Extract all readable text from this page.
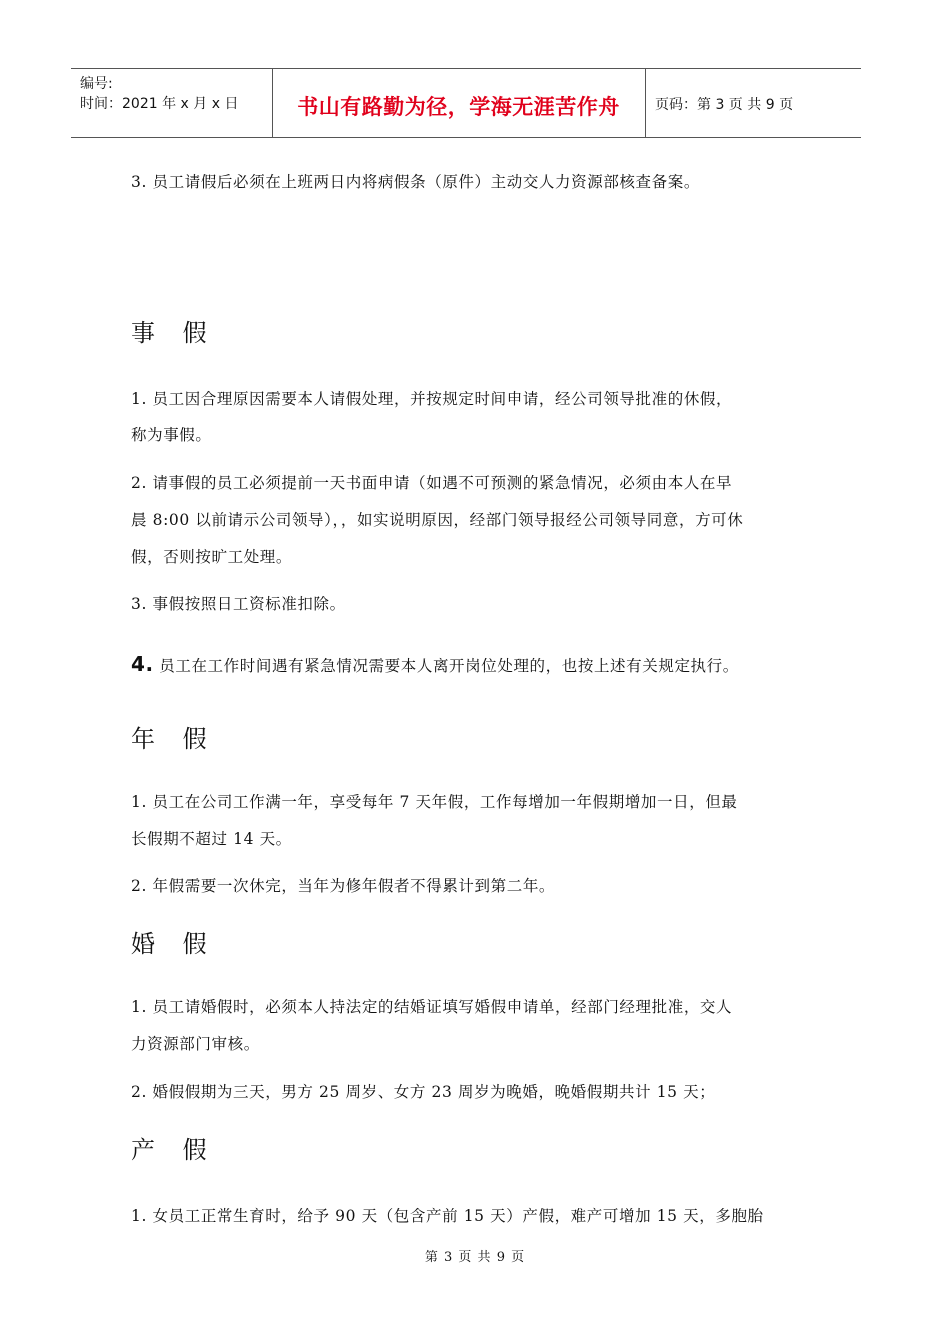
编号:
时间：2021 年 x 月 x 日	书山有路勤为径，学海无涯苦作舟	页码：第 3 页 共 9 页
3. 员工请假后必须在上班两日内将病假条（原件）主动交人力资源部核查备案。
事 假
1. 员工因合理原因需要本人请假处理，并按规定时间申请，经公司领导批准的休假，
称为事假。
2. 请事假的员工必须提前一天书面申请（如遇不可预测的紧急情况，必须由本人在早
晨 8:00 以前请示公司领导），，如实说明原因，经部门领导报经公司领导同意，方可休
假，否则按旷工处理。
3. 事假按照日工资标准扣除。
4. 员工在工作时间遇有紧急情况需要本人离开岗位处理的，也按上述有关规定执行。
年 假
1. 员工在公司工作满一年，享受每年 7 天年假，工作每增加一年假期增加一日，但最
长假期不超过 14 天。
2. 年假需要一次休完，当年为修年假者不得累计到第二年。
婚 假
1. 员工请婚假时，必须本人持法定的结婚证填写婚假申请单，经部门经理批准，交人
力资源部门审核。
2. 婚假假期为三天，男方 25 周岁、女方 23 周岁为晚婚，晚婚假期共计 15 天；
产 假
1. 女员工正常生育时，给予 90 天（包含产前 15 天）产假，难产可增加 15 天，多胞胎
第 3 页 共 9 页
